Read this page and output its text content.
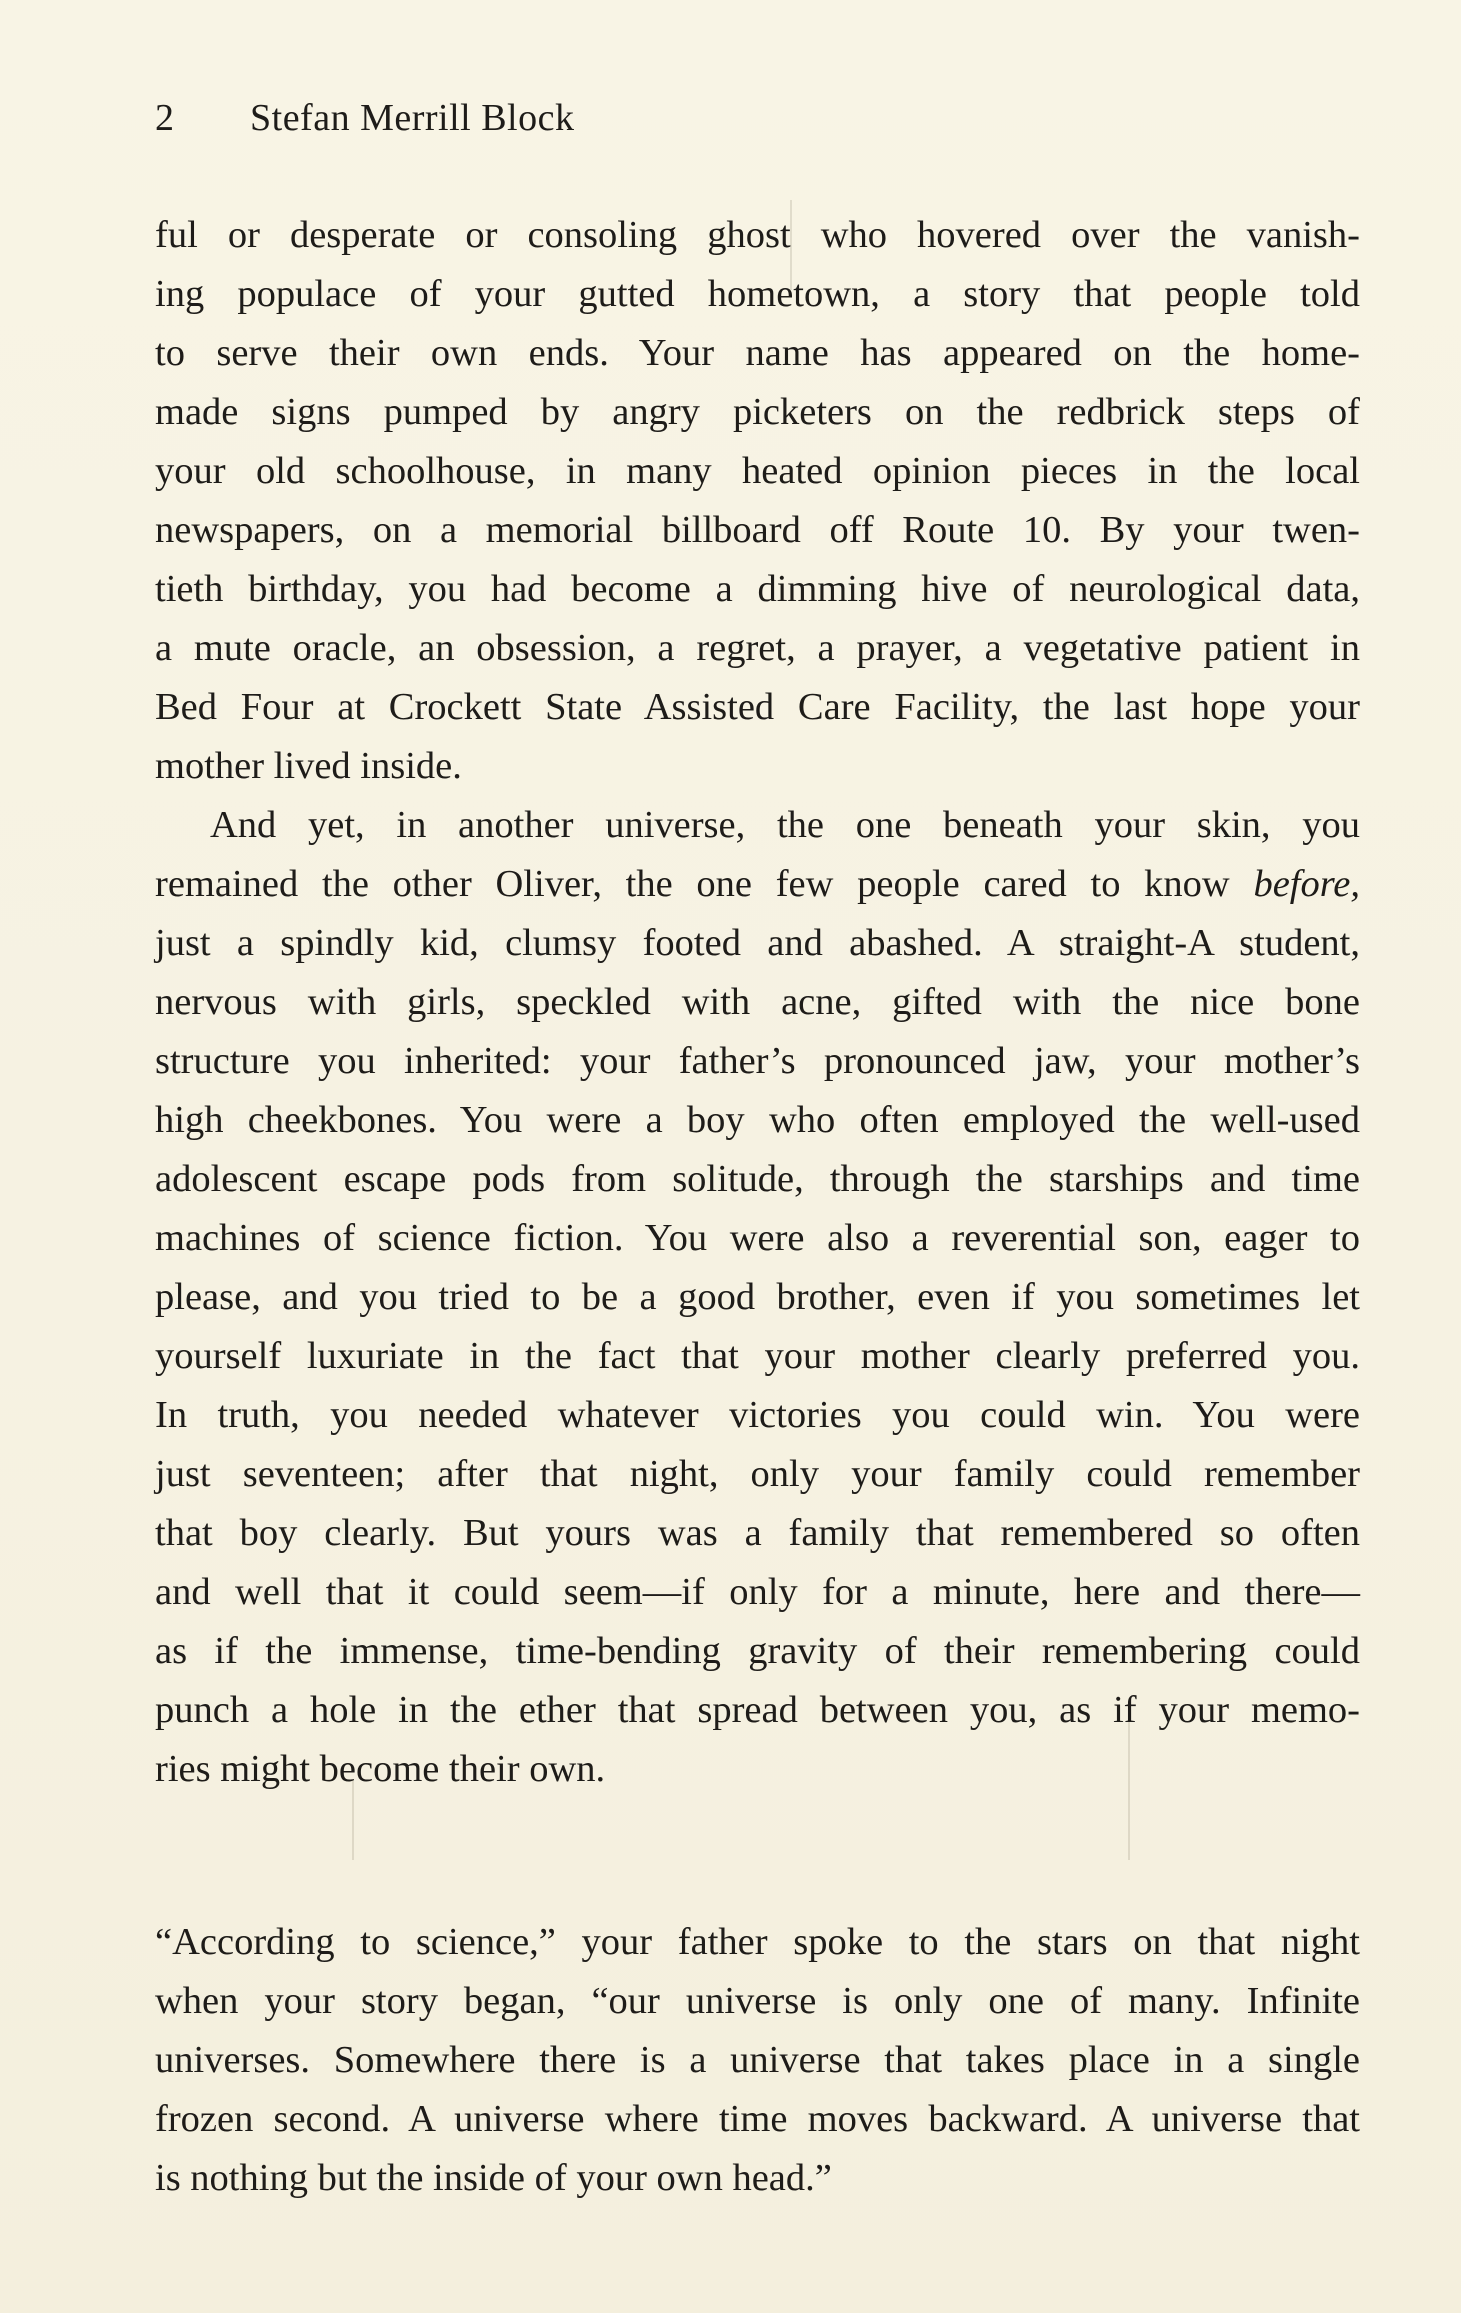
2 Stefan Merrill Block

ful or desperate or consoling ghost who hovered over the vanish-
ing populace of your gutted hometown, a story that people told
to serve their own ends. Your name has appeared on the home-
made signs pumped by angry picketers on the redbrick steps of
your old schoolhouse, in many heated opinion pieces in the local
newspapers, on a memorial billboard off Route 10. By your twen-
tieth birthday, you had become a dimming hive of neurological data,
a mute oracle, an obsession, a regret, a prayer, a vegetative patient in
Bed Four at Crockett State Assisted Care Facility, the last hope your
mother lived inside.

And yet, in another universe, the one beneath your skin, you
remained the other Oliver, the one few people cared to know before,
just a spindly kid, clumsy footed and abashed. A straight-A student,
nervous with girls, speckled with acne, gifted with the nice bone
structure you inherited: your father’s pronounced jaw, your mother’s
high cheekbones. You were a boy who often employed the well-used
adolescent escape pods from solitude, through the starships and time
machines of science fiction. You were also a reverential son, eager to
please, and you tried to be a good brother, even if you sometimes let
yourself luxuriate in the fact that your mother clearly preferred you.
In truth, you needed whatever victories you could win. You were
just seventeen; after that night, only your family could remember
that boy clearly. But yours was a family that remembered so often
and well that it could seem—if only for a minute, here and there—
as if the immense, time-bending gravity of their remembering could
punch a hole in the ether that spread between you, as if your memo-
ries might become their own.

“According to science,” your father spoke to the stars on that night
when your story began, “our universe is only one of many. Infinite
universes. Somewhere there is a universe that takes place in a single
frozen second. A universe where time moves backward. A universe that
is nothing but the inside of your own head.”
